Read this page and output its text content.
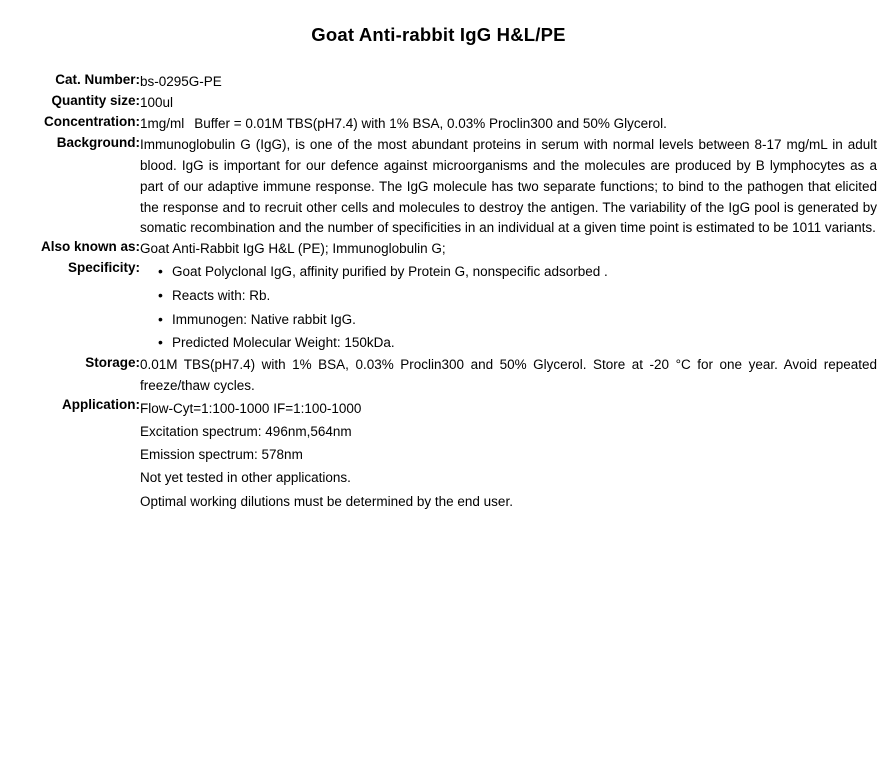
Goat Anti-rabbit IgG H&L/PE
Cat. Number:	bs-0295G-PE
Quantity size:	100ul
Concentration:	1mg/ml Buffer = 0.01M TBS(pH7.4) with 1% BSA, 0.03% Proclin300 and 50% Glycerol.
Background:	Immunoglobulin G (IgG), is one of the most abundant proteins in serum with normal levels between 8-17 mg/mL in adult blood. IgG is important for our defence against microorganisms and the molecules are produced by B lymphocytes as a part of our adaptive immune response. The IgG molecule has two separate functions; to bind to the pathogen that elicited the response and to recruit other cells and molecules to destroy the antigen. The variability of the IgG pool is generated by somatic recombination and the number of specificities in an individual at a given time point is estimated to be 1011 variants.
Also known as:	Goat Anti-Rabbit IgG H&L (PE); Immunoglobulin G;
Specificity:	
•Goat Polyclonal IgG, affinity purified by Protein G, nonspecific adsorbed .
• Reacts with: Rb.
• Immunogen: Native rabbit IgG.
• Predicted Molecular Weight: 150kDa.

Storage:	0.01M TBS(pH7.4) with 1% BSA, 0.03% Proclin300 and 50% Glycerol. Store at -20 °C for one year. Avoid repeated freeze/thaw cycles.
Application:	Flow-Cyt=1:100-1000 IF=1:100-1000
Excitation spectrum: 496nm,564nm
Emission spectrum: 578nm
Not yet tested in other applications.
Optimal working dilutions must be determined by the end user.
